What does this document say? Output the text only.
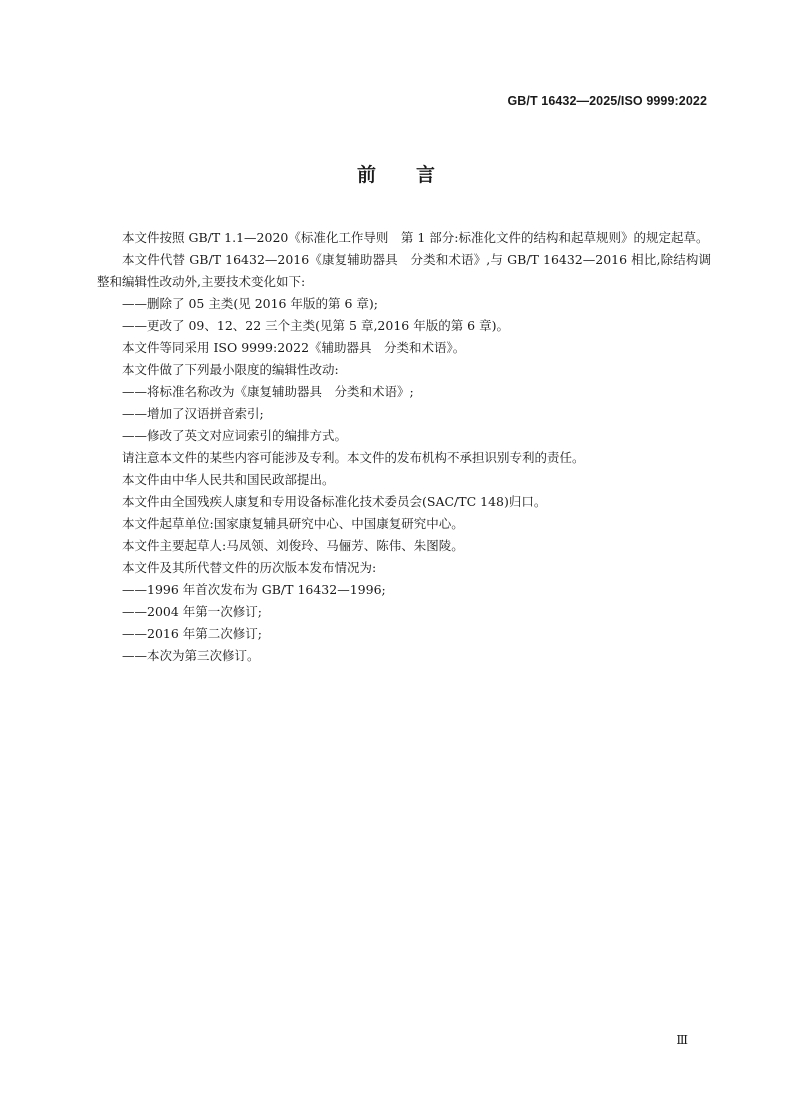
GB/T 16432—2025/ISO 9999:2022
前言

本文件按照 GB/T 1.1—2020《标准化工作导则　第 1 部分:标准化文件的结构和起草规则》的规定起草。

本文件代替 GB/T 16432—2016《康复辅助器具　分类和术语》,与 GB/T 16432—2016 相比,除结构调整和编辑性改动外,主要技术变化如下:

——删除了 05 主类(见 2016 年版的第 6 章);

——更改了 09、12、22 三个主类(见第 5 章,2016 年版的第 6 章)。

本文件等同采用 ISO 9999:2022《辅助器具　分类和术语》。

本文件做了下列最小限度的编辑性改动:

——将标准名称改为《康复辅助器具　分类和术语》;

——增加了汉语拼音索引;

——修改了英文对应词索引的编排方式。

请注意本文件的某些内容可能涉及专利。本文件的发布机构不承担识别专利的责任。

本文件由中华人民共和国民政部提出。

本文件由全国残疾人康复和专用设备标准化技术委员会(SAC/TC 148)归口。

本文件起草单位:国家康复辅具研究中心、中国康复研究中心。

本文件主要起草人:马凤领、刘俊玲、马俪芳、陈伟、朱图陵。

本文件及其所代替文件的历次版本发布情况为:

——1996 年首次发布为 GB/T 16432—1996;

——2004 年第一次修订;

——2016 年第二次修订;

——本次为第三次修订。

Ⅲ
